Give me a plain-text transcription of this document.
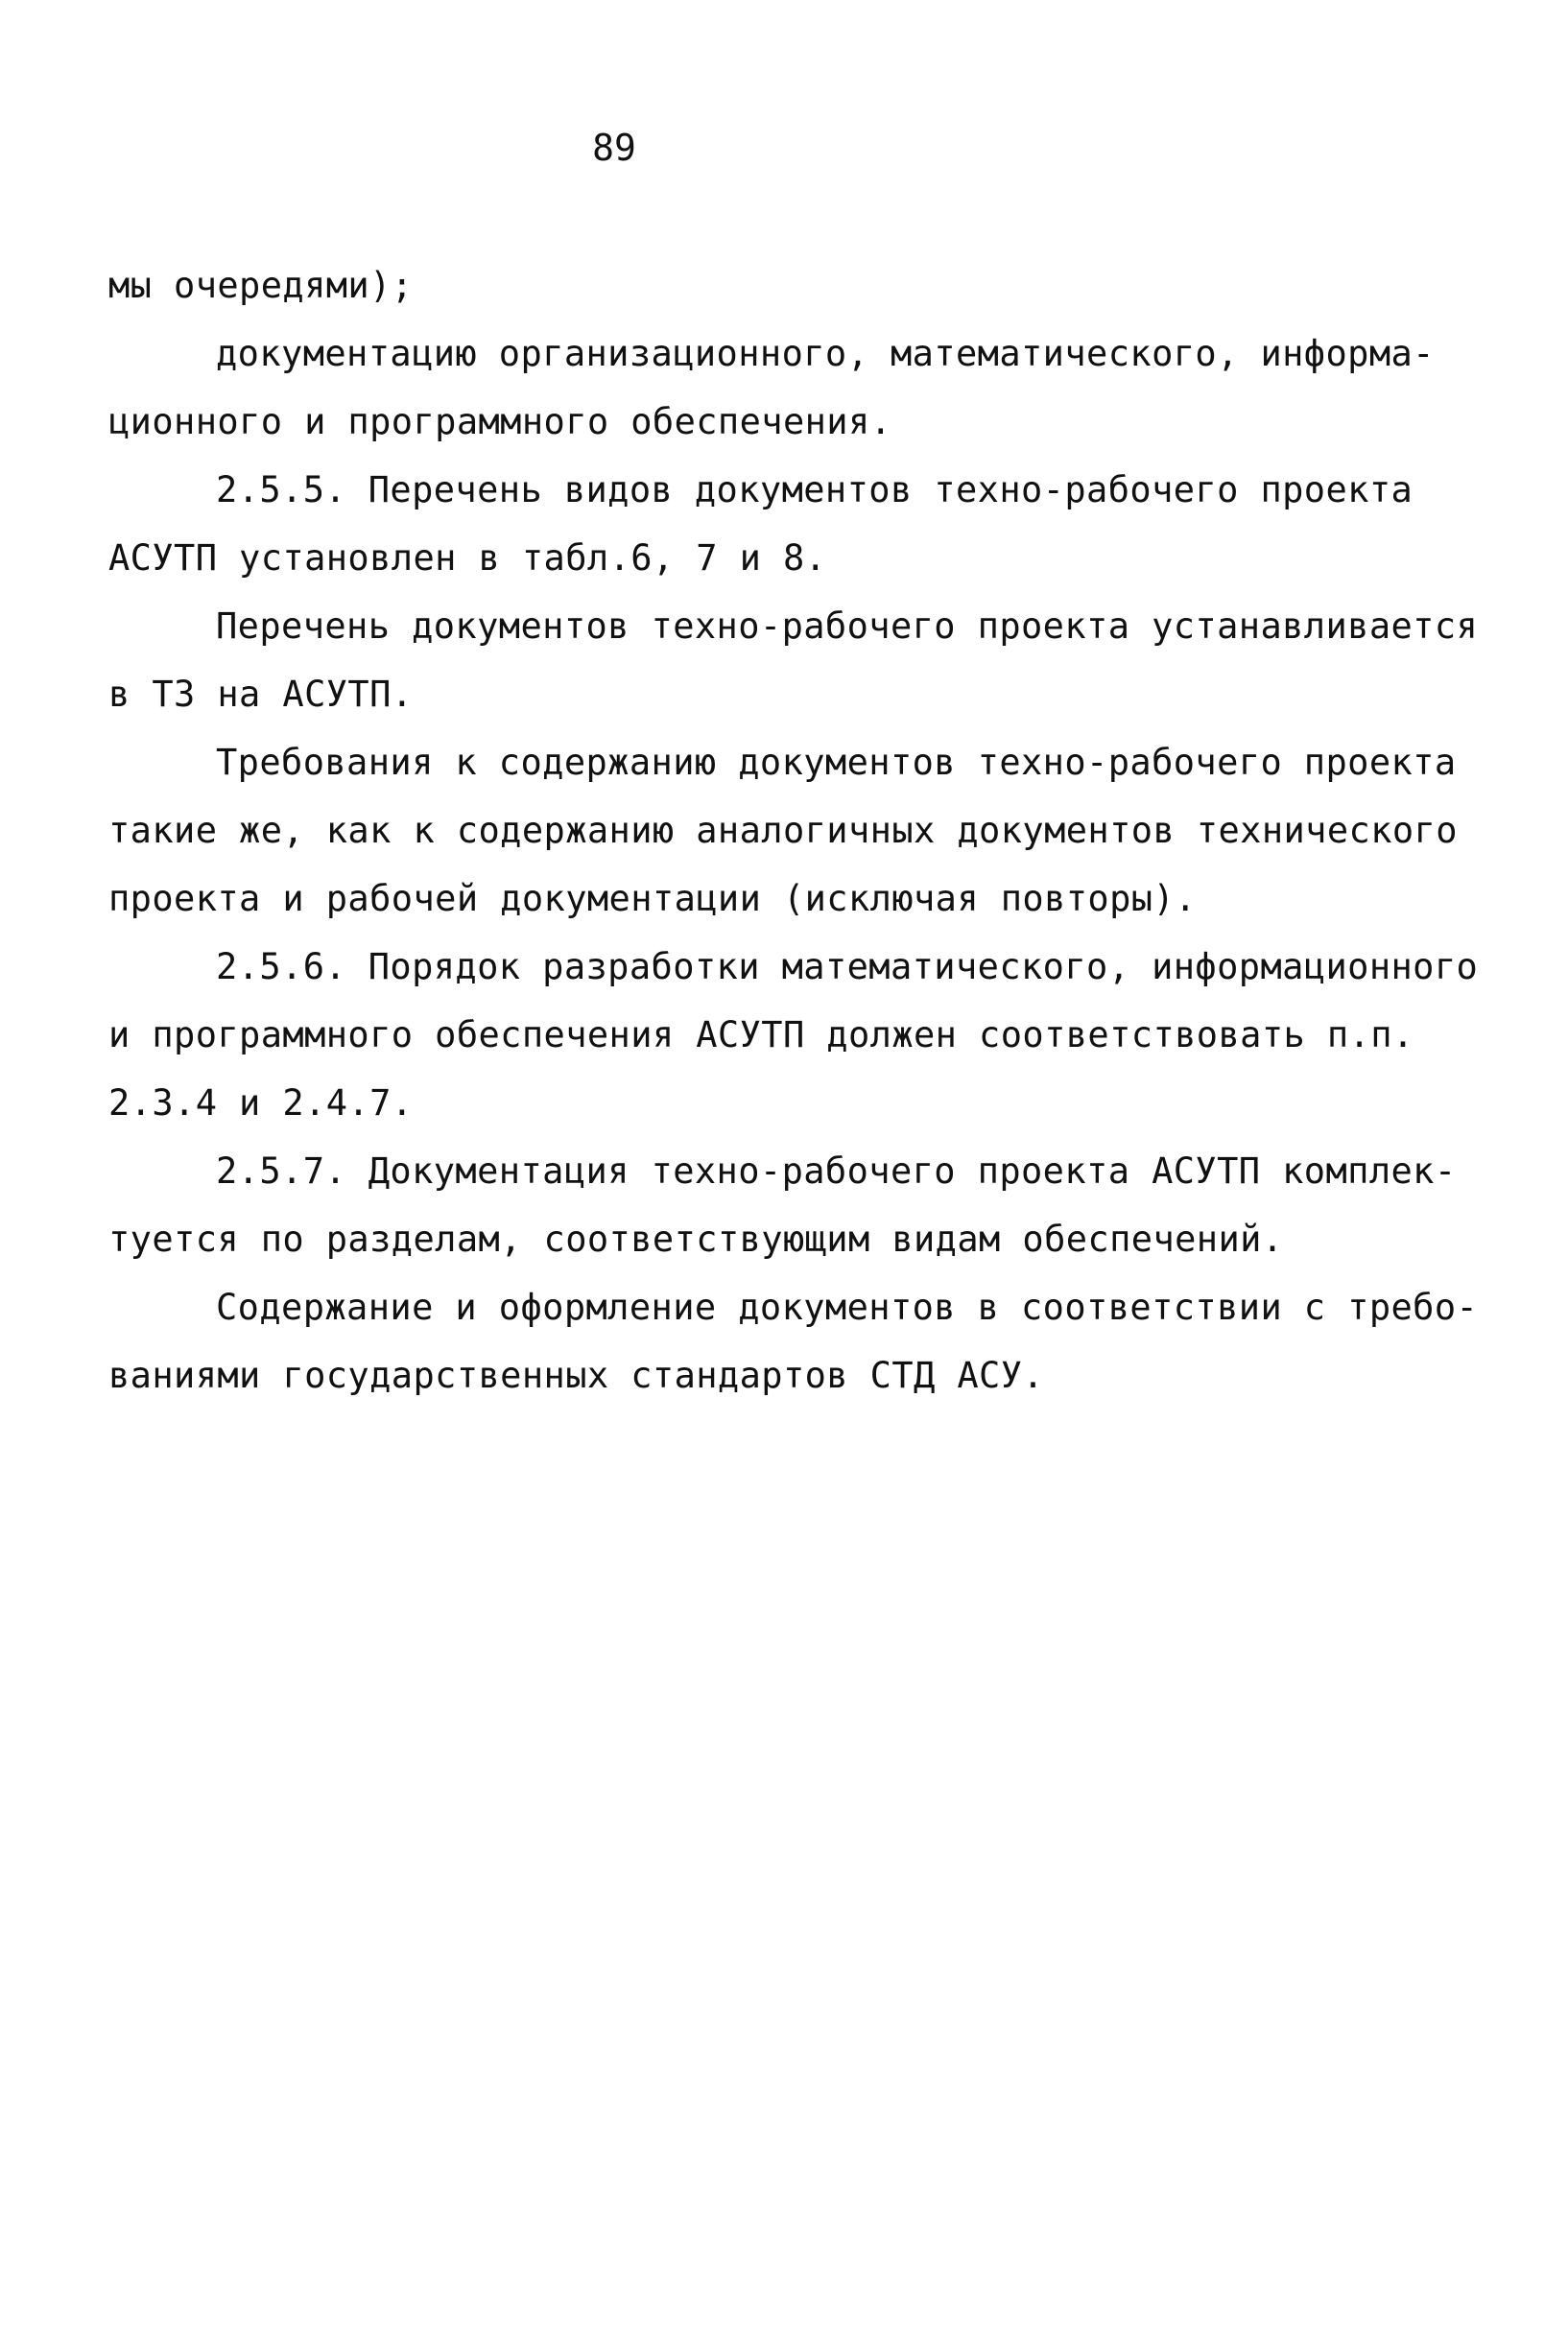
89
мы очередями);
документацию организационного, математического, информа-
ционного и программного обеспечения.
2.5.5. Перечень видов документов техно-рабочего проекта
АСУТП установлен в табл.6, 7 и 8.
Перечень документов техно-рабочего проекта устанавливается
в ТЗ на АСУТП.
Требования к содержанию документов техно-рабочего проекта
такие же, как к содержанию аналогичных документов технического
проекта и рабочей документации (исключая повторы).
2.5.6. Порядок разработки математического, информационного
и программного обеспечения АСУТП должен соответствовать п.п.
2.3.4 и 2.4.7.
2.5.7. Документация техно-рабочего проекта АСУТП комплек-
туется по разделам, соответствующим видам обеспечений.
Содержание и оформление документов в соответствии с требо-
ваниями государственных стандартов СТД АСУ.
